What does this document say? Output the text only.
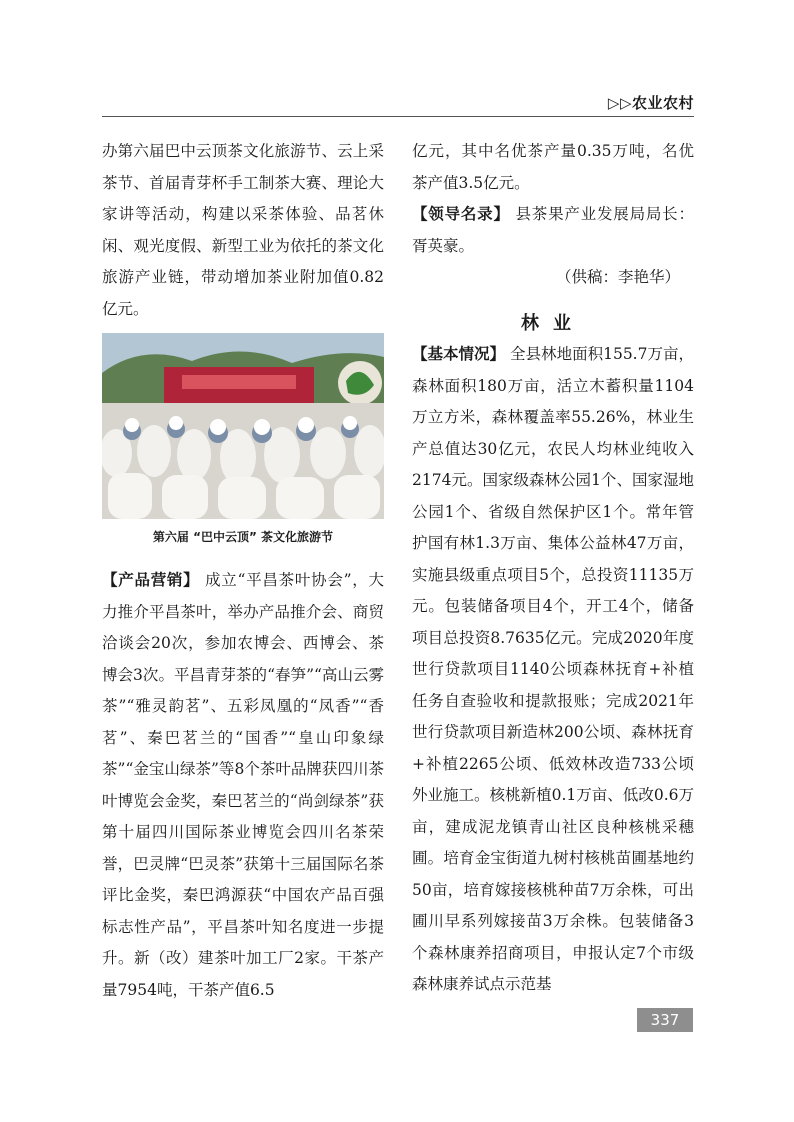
▷▷农业农村

办第六届巴中云顶茶文化旅游节、云上采茶节、首届青芽杯手工制茶大赛、理论大家讲等活动，构建以采茶体验、品茗休闲、观光度假、新型工业为依托的茶文化旅游产业链，带动增加茶业附加值0.82亿元。

第六届 “巴中云顶” 茶文化旅游节

【产品营销】 成立“平昌茶叶协会”，大力推介平昌茶叶，举办产品推介会、商贸洽谈会20次，参加农博会、西博会、茶博会3次。平昌青芽茶的“春笋”“高山云雾茶”“雅灵韵茗”、五彩凤凰的“凤香”“香茗”、秦巴茗兰的“国香”“皇山印象绿茶”“金宝山绿茶”等8个茶叶品牌获四川茶叶博览会金奖，秦巴茗兰的“尚剑绿茶”获第十届四川国际茶业博览会四川名茶荣誉，巴灵牌“巴灵茶”获第十三届国际名茶评比金奖，秦巴鸿源获“中国农产品百强标志性产品”，平昌茶叶知名度进一步提升。新（改）建茶叶加工厂2家。干茶产量7954吨，干茶产值6.5

亿元，其中名优茶产量0.35万吨，名优茶产值3.5亿元。

【领导名录】 县茶果产业发展局局长：胥英豪。

（供稿：李艳华）

林业

【基本情况】 全县林地面积155.7万亩，森林面积180万亩，活立木蓄积量1104万立方米，森林覆盖率55.26%，林业生产总值达30亿元，农民人均林业纯收入2174元。国家级森林公园1个、国家湿地公园1个、省级自然保护区1个。常年管护国有林1.3万亩、集体公益林47万亩，实施县级重点项目5个，总投资11135万元。包装储备项目4个，开工4个，储备项目总投资8.7635亿元。完成2020年度世行贷款项目1140公顷森林抚育+补植任务自查验收和提款报账；完成2021年世行贷款项目新造林200公顷、森林抚育+补植2265公顷、低效林改造733公顷外业施工。核桃新植0.1万亩、低改0.6万亩，建成泥龙镇青山社区良种核桃采穗圃。培育金宝街道九树村核桃苗圃基地约50亩，培育嫁接核桃种苗7万余株，可出圃川早系列嫁接苗3万余株。包装储备3个森林康养招商项目，申报认定7个市级森林康养试点示范基

337
